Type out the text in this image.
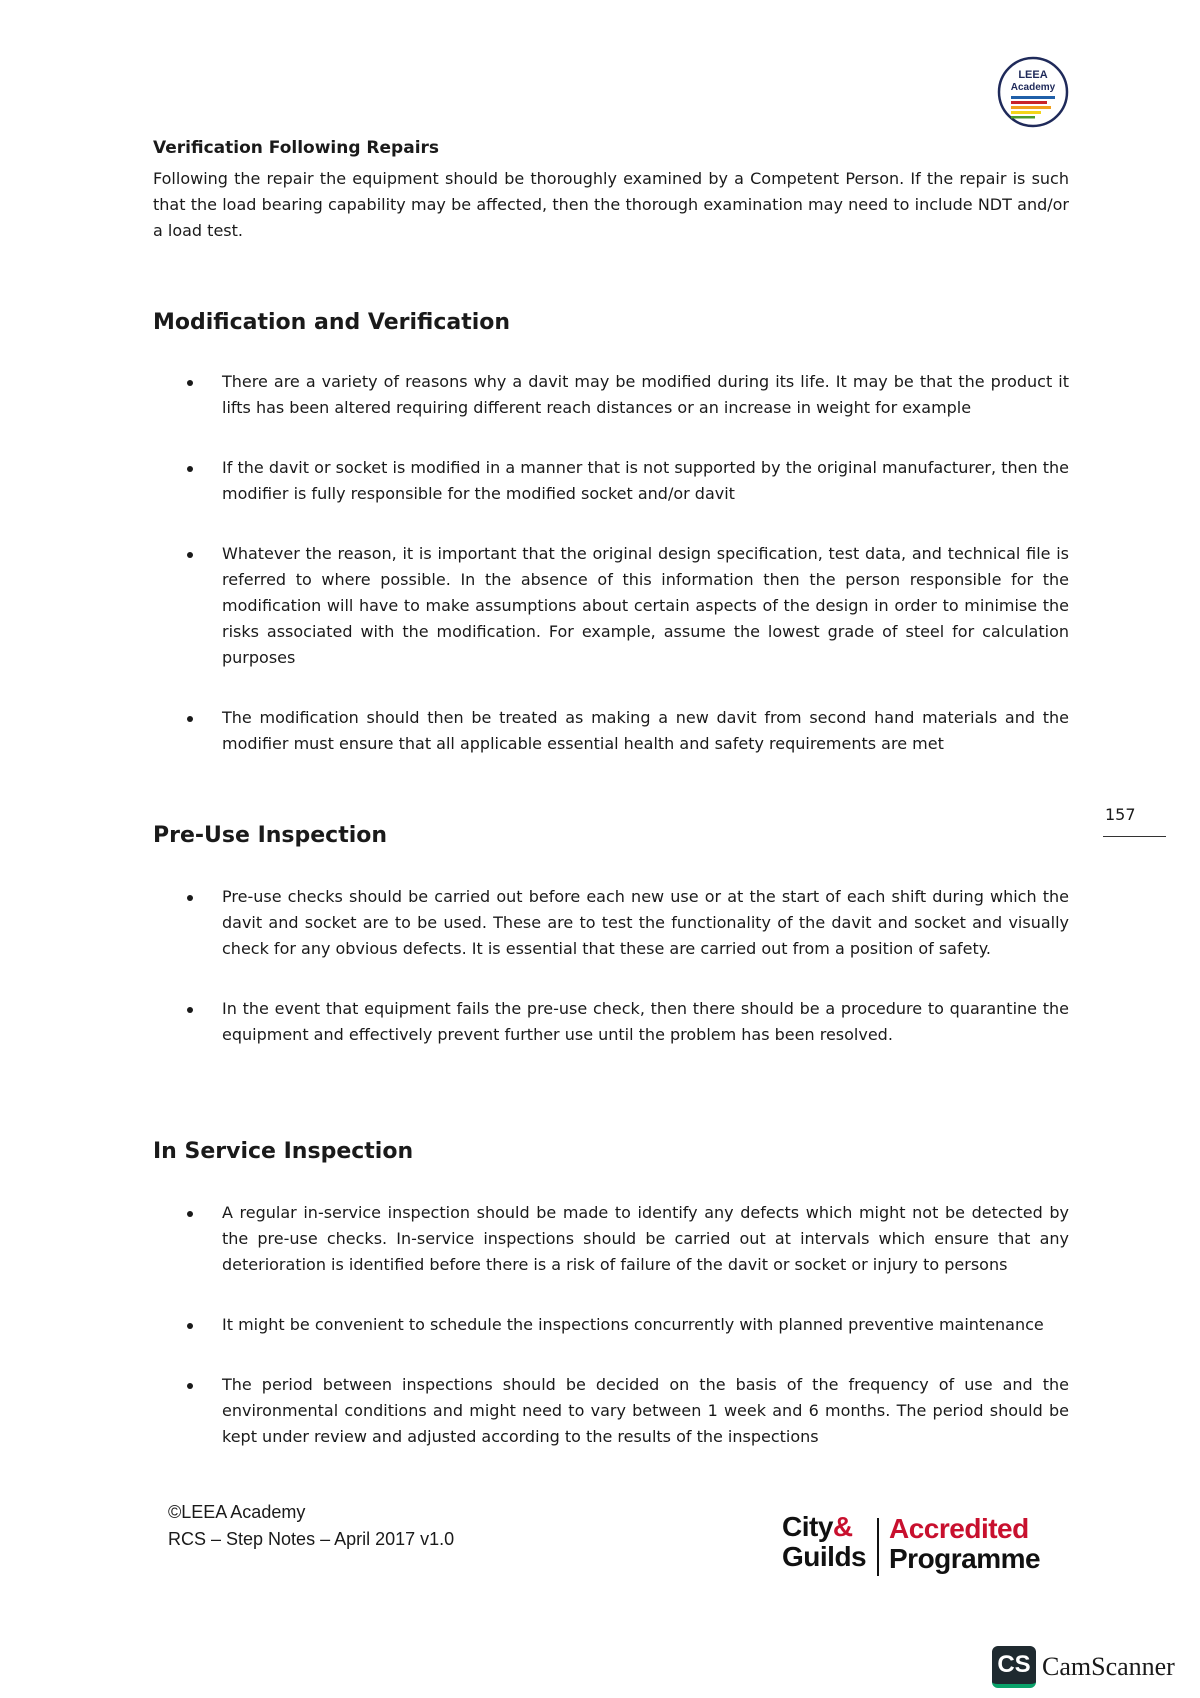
LEEA
Academy
Verification Following Repairs

Following the repair the equipment should be thoroughly examined by a Competent Person. If the repair is such that the load bearing capability may be affected, then the thorough examination may need to include NDT and/or a load test.

Modification and Verification
There are a variety of reasons why a davit may be modified during its life. It may be that the product it lifts has been altered requiring different reach distances or an increase in weight for example
If the davit or socket is modified in a manner that is not supported by the original manufacturer, then the modifier is fully responsible for the modified socket and/or davit
Whatever the reason, it is important that the original design specification, test data, and technical file is referred to where possible. In the absence of this information then the person responsible for the modification will have to make assumptions about certain aspects of the design in order to minimise the risks associated with the modification. For example, assume the lowest grade of steel for calculation purposes
The modification should then be treated as making a new davit from second hand materials and the modifier must ensure that all applicable essential health and safety requirements are met
157
Pre-Use Inspection
Pre-use checks should be carried out before each new use or at the start of each shift during which the davit and socket are to be used. These are to test the functionality of the davit and socket and visually check for any obvious defects. It is essential that these are carried out from a position of safety.
In the event that equipment fails the pre-use check, then there should be a procedure to quarantine the equipment and effectively prevent further use until the problem has been resolved.
In Service Inspection
A regular in-service inspection should be made to identify any defects which might not be detected by the pre-use checks. In-service inspections should be carried out at intervals which ensure that any deterioration is identified before there is a risk of failure of the davit or socket or injury to persons
It might be convenient to schedule the inspections concurrently with planned preventive maintenance
The period between inspections should be decided on the basis of the frequency of use and the environmental conditions and might need to vary between 1 week and 6 months. The period should be kept under review and adjusted according to the results of the inspections
©LEEA Academy
RCS – Step Notes – April 2017 v1.0	City&
Guilds
Accredited
Programme
CS CamScanner
